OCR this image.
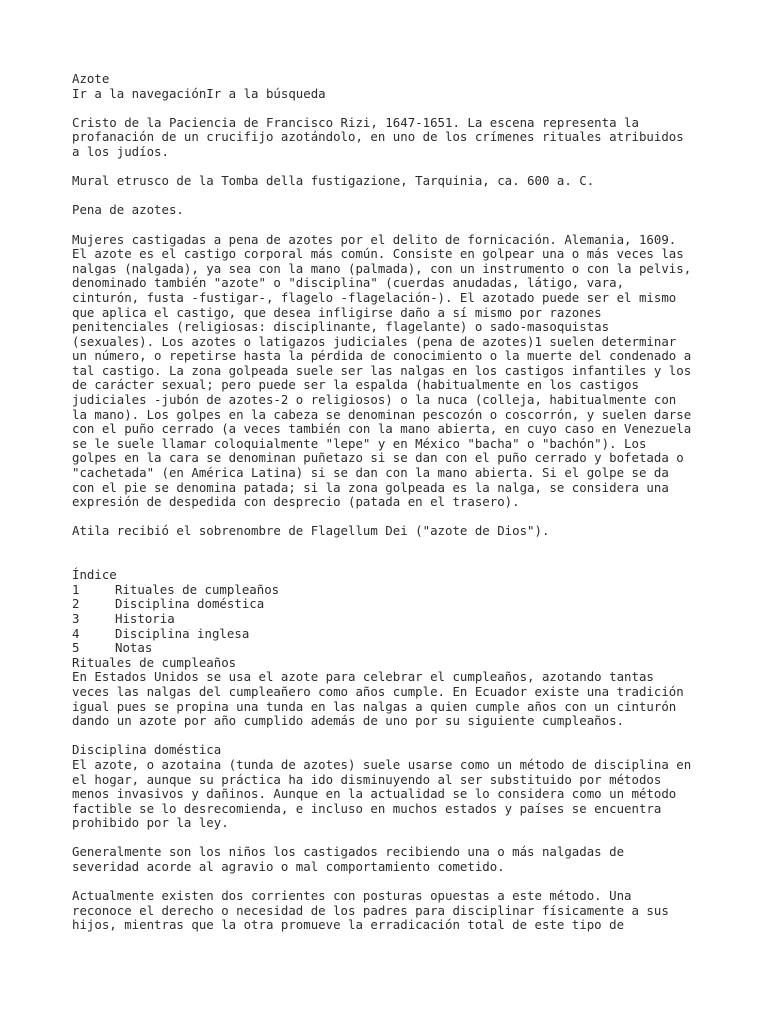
Azote
Ir a la navegaciónIr a la búsqueda
Cristo de la Paciencia de Francisco Rizi, 1647-1651. La escena representa la
profanación de un crucifijo azotándolo, en uno de los crímenes rituales atribuidos
a los judíos.
Mural etrusco de la Tomba della fustigazione, Tarquinia, ca. 600 a. C.
Pena de azotes.
Mujeres castigadas a pena de azotes por el delito de fornicación. Alemania, 1609.
El azote es el castigo corporal más común. Consiste en golpear una o más veces las
nalgas (nalgada), ya sea con la mano (palmada), con un instrumento o con la pelvis,
denominado también "azote" o "disciplina" (cuerdas anudadas, látigo, vara,
cinturón, fusta -fustigar-, flagelo -flagelación-). El azotado puede ser el mismo
que aplica el castigo, que desea infligirse daño a sí mismo por razones
penitenciales (religiosas: disciplinante, flagelante) o sado-masoquistas
(sexuales). Los azotes o latigazos judiciales (pena de azotes)1 suelen determinar
un número, o repetirse hasta la pérdida de conocimiento o la muerte del condenado a
tal castigo. La zona golpeada suele ser las nalgas en los castigos infantiles y los
de carácter sexual; pero puede ser la espalda (habitualmente en los castigos
judiciales -jubón de azotes-2 o religiosos) o la nuca (colleja, habitualmente con
la mano). Los golpes en la cabeza se denominan pescozón o coscorrón, y suelen darse
con el puño cerrado (a veces también con la mano abierta, en cuyo caso en Venezuela
se le suele llamar coloquialmente "lepe" y en México "bacha" o "bachón"). Los
golpes en la cara se denominan puñetazo si se dan con el puño cerrado y bofetada o
"cachetada" (en América Latina) si se dan con la mano abierta. Si el golpe se da
con el pie se denomina patada; si la zona golpeada es la nalga, se considera una
expresión de despedida con desprecio (patada en el trasero).
Atila recibió el sobrenombre de Flagellum Dei ("azote de Dios").
Índice
1	Rituales de cumpleaños
2	Disciplina doméstica
3	Historia
4	Disciplina inglesa
5	Notas
Rituales de cumpleaños
En Estados Unidos se usa el azote para celebrar el cumpleaños, azotando tantas
veces las nalgas del cumpleañero como años cumple. En Ecuador existe una tradición
igual pues se propina una tunda en las nalgas a quien cumple años con un cinturón
dando un azote por año cumplido además de uno por su siguiente cumpleaños.
Disciplina doméstica
El azote, o azotaina (tunda de azotes) suele usarse como un método de disciplina en
el hogar, aunque su práctica ha ido disminuyendo al ser substituido por métodos
menos invasivos y dañinos. Aunque en la actualidad se lo considera como un método
factible se lo desrecomienda, e incluso en muchos estados y países se encuentra
prohibido por la ley.
Generalmente son los niños los castigados recibiendo una o más nalgadas de
severidad acorde al agravio o mal comportamiento cometido.
Actualmente existen dos corrientes con posturas opuestas a este método. Una
reconoce el derecho o necesidad de los padres para disciplinar físicamente a sus
hijos, mientras que la otra promueve la erradicación total de este tipo de
